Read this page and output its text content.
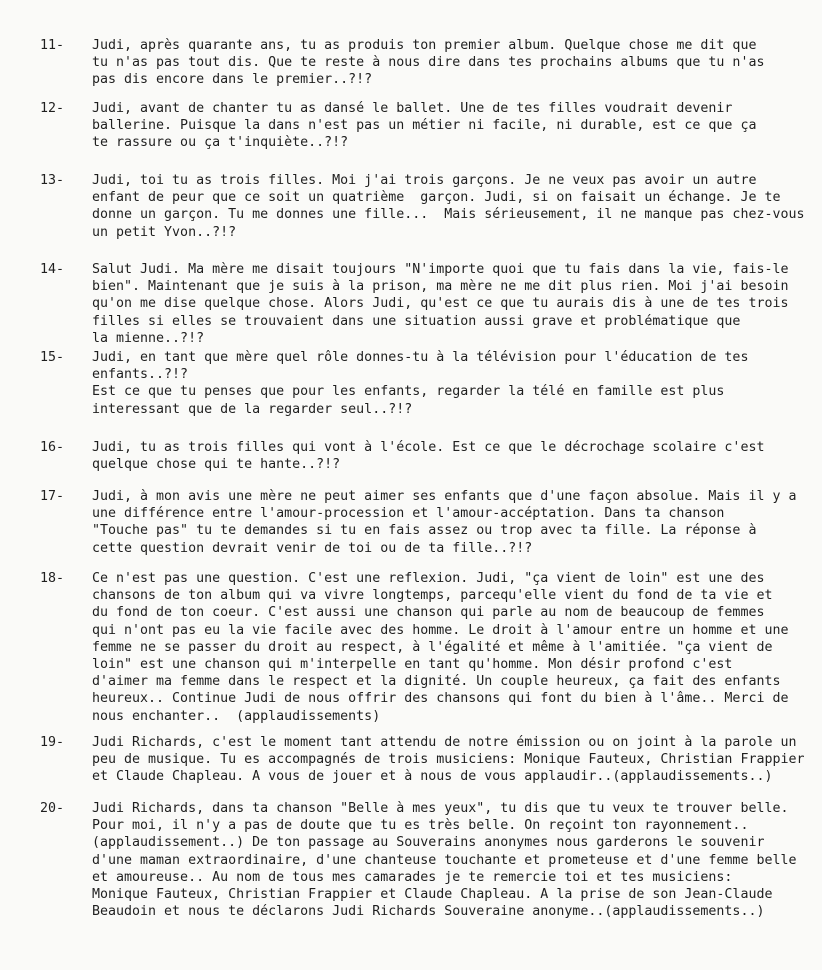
11- Judi, après quarante ans, tu as produis ton premier album. Quelque chose me dit que
tu n'as pas tout dis. Que te reste à nous dire dans tes prochains albums que tu n'as
pas dis encore dans le premier..?!?
12- Judi, avant de chanter tu as dansé le ballet. Une de tes filles voudrait devenir
ballerine. Puisque la dans n'est pas un métier ni facile, ni durable, est ce que ça
te rassure ou ça t'inquiète..?!?
13- Judi, toi tu as trois filles. Moi j'ai trois garçons. Je ne veux pas avoir un autre
enfant de peur que ce soit un quatrième  garçon. Judi, si on faisait un échange. Je te
donne un garçon. Tu me donnes une fille...  Mais sérieusement, il ne manque pas chez-vous
un petit Yvon..?!?
14- Salut Judi. Ma mère me disait toujours "N'importe quoi que tu fais dans la vie, fais-le
bien". Maintenant que je suis à la prison, ma mère ne me dit plus rien. Moi j'ai besoin
qu'on me dise quelque chose. Alors Judi, qu'est ce que tu aurais dis à une de tes trois
filles si elles se trouvaient dans une situation aussi grave et problématique que
la mienne..?!?
15- Judi, en tant que mère quel rôle donnes-tu à la télévision pour l'éducation de tes
enfants..?!?
Est ce que tu penses que pour les enfants, regarder la télé en famille est plus
interessant que de la regarder seul..?!?
16- Judi, tu as trois filles qui vont à l'école. Est ce que le décrochage scolaire c'est
quelque chose qui te hante..?!?
17- Judi, à mon avis une mère ne peut aimer ses enfants que d'une façon absolue. Mais il y a
une différence entre l'amour-procession et l'amour-accéptation. Dans ta chanson
"Touche pas" tu te demandes si tu en fais assez ou trop avec ta fille. La réponse à
cette question devrait venir de toi ou de ta fille..?!?
18- Ce n'est pas une question. C'est une reflexion. Judi, "ça vient de loin" est une des
chansons de ton album qui va vivre longtemps, parcequ'elle vient du fond de ta vie et
du fond de ton coeur. C'est aussi une chanson qui parle au nom de beaucoup de femmes
qui n'ont pas eu la vie facile avec des homme. Le droit à l'amour entre un homme et une
femme ne se passer du droit au respect, à l'égalité et même à l'amitiée. "ça vient de
loin" est une chanson qui m'interpelle en tant qu'homme. Mon désir profond c'est
d'aimer ma femme dans le respect et la dignité. Un couple heureux, ça fait des enfants
heureux.. Continue Judi de nous offrir des chansons qui font du bien à l'âme.. Merci de
nous enchanter..  (applaudissements)
19- Judi Richards, c'est le moment tant attendu de notre émission ou on joint à la parole un
peu de musique. Tu es accompagnés de trois musiciens: Monique Fauteux, Christian Frappier
et Claude Chapleau. A vous de jouer et à nous de vous applaudir..(applaudissements..)
20- Judi Richards, dans ta chanson "Belle à mes yeux", tu dis que tu veux te trouver belle.
Pour moi, il n'y a pas de doute que tu es très belle. On reçoint ton rayonnement..
(applaudissement..) De ton passage au Souverains anonymes nous garderons le souvenir
d'une maman extraordinaire, d'une chanteuse touchante et prometeuse et d'une femme belle
et amoureuse.. Au nom de tous mes camarades je te remercie toi et tes musiciens:
Monique Fauteux, Christian Frappier et Claude Chapleau. A la prise de son Jean-Claude
Beaudoin et nous te déclarons Judi Richards Souveraine anonyme..(applaudissements..)
